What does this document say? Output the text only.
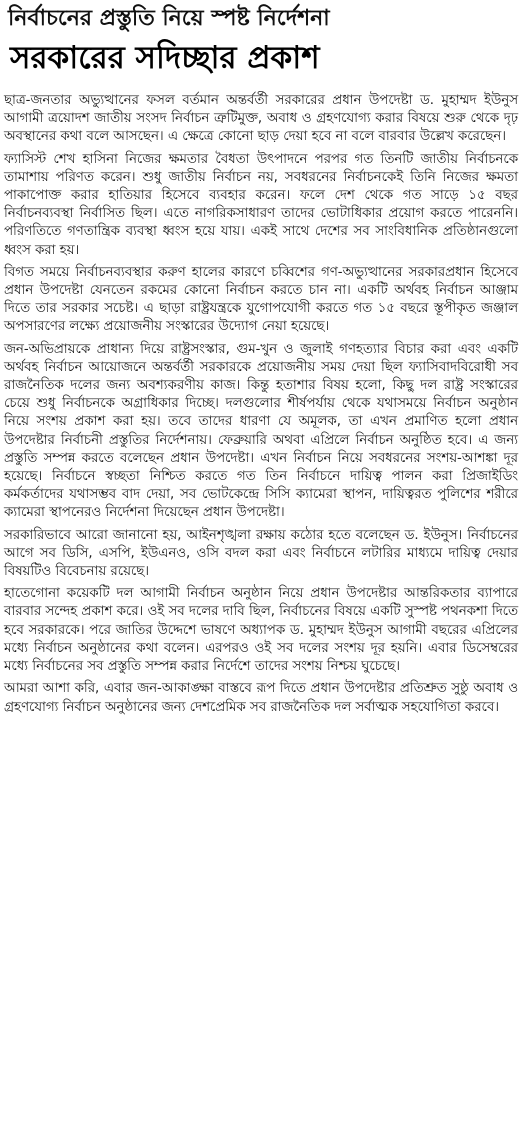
নির্বাচনের প্রস্তুতি নিয়ে স্পষ্ট নির্দেশনা
সরকারের সদিচ্ছার প্রকাশ

ছাত্র-জনতার অভ্যুত্থানের ফসল বর্তমান অন্তর্বর্তী সরকারের প্রধান উপদেষ্টা ড. মুহাম্মদ ইউনুস আগামী ত্রয়োদশ জাতীয় সংসদ নির্বাচন ত্রুটিমুক্ত, অবাধ ও গ্রহণযোগ্য করার বিষয়ে শুরু থেকে দৃঢ় অবস্থানের কথা বলে আসছেন। এ ক্ষেত্রে কোনো ছাড় দেয়া হবে না বলে বারবার উল্লেখ করেছেন।

ফ্যাসিস্ট শেখ হাসিনা নিজের ক্ষমতার বৈধতা উৎপাদনে পরপর গত তিনটি জাতীয় নির্বাচনকে তামাশায় পরিণত করেন। শুধু জাতীয় নির্বাচন নয়, সবধরনের নির্বাচনকেই তিনি নিজের ক্ষমতা পাকাপোক্ত করার হাতিয়ার হিসেবে ব্যবহার করেন। ফলে দেশ থেকে গত সাড়ে ১৫ বছর নির্বাচনব্যবস্থা নির্বাসিত ছিল। এতে নাগরিকসাধারণ তাদের ভোটাধিকার প্রয়োগ করতে পারেননি। পরিণতিতে গণতান্ত্রিক ব্যবস্থা ধ্বংস হয়ে যায়। একই সাথে দেশের সব সাংবিধানিক প্রতিষ্ঠানগুলো ধ্বংস করা হয়।

বিগত সময়ে নির্বাচনব্যবস্থার করুণ হালের কারণে চব্বিশের গণ-অভ্যুত্থানের সরকারপ্রধান হিসেবে প্রধান উপদেষ্টা যেনতেন রকমের কোনো নির্বাচন করতে চান না। একটি অর্থবহ নির্বাচন আঞ্জাম দিতে তার সরকার সচেষ্ট। এ ছাড়া রাষ্ট্রযন্ত্রকে যুগোপযোগী করতে গত ১৫ বছরে স্তূপীকৃত জঞ্জাল অপসারণের লক্ষ্যে প্রয়োজনীয় সংস্কারের উদ্যোগ নেয়া হয়েছে।

জন-অভিপ্রায়কে প্রাধান্য দিয়ে রাষ্ট্রসংস্কার, গুম-খুন ও জুলাই গণহত্যার বিচার করা এবং একটি অর্থবহ নির্বাচন আয়োজনে অন্তর্বর্তী সরকারকে প্রয়োজনীয় সময় দেয়া ছিল ফ্যাসিবাদবিরোধী সব রাজনৈতিক দলের জন্য অবশ্যকরণীয় কাজ। কিন্তু হতাশার বিষয় হলো, কিছু দল রাষ্ট্র সংস্কারের চেয়ে শুধু নির্বাচনকে অগ্রাধিকার দিচ্ছে। দলগুলোর শীর্ষপর্যায় থেকে যথাসময়ে নির্বাচন অনুষ্ঠান নিয়ে সংশয় প্রকাশ করা হয়। তবে তাদের ধারণা যে অমূলক, তা এখন প্রমাণিত হলো প্রধান উপদেষ্টার নির্বাচনী প্রস্তুতির নির্দেশনায়। ফেব্রুয়ারি অথবা এপ্রিলে নির্বাচন অনুষ্ঠিত হবে। এ জন্য প্রস্তুতি সম্পন্ন করতে বলেছেন প্রধান উপদেষ্টা। এখন নির্বাচন নিয়ে সবধরনের সংশয়-আশঙ্কা দূর হয়েছে। নির্বাচনে স্বচ্ছতা নিশ্চিত করতে গত তিন নির্বাচনে দায়িত্ব পালন করা প্রিজাইডিং কর্মকর্তাদের যথাসম্ভব বাদ দেয়া, সব ভোটকেন্দ্রে সিসি ক্যামেরা স্থাপন, দায়িত্বরত পুলিশের শরীরে ক্যামেরা স্থাপনেরও নির্দেশনা দিয়েছেন প্রধান উপদেষ্টা।

সরকারিভাবে আরো জানানো হয়, আইনশৃঙ্খলা রক্ষায় কঠোর হতে বলেছেন ড. ইউনুস। নির্বাচনের আগে সব ডিসি, এসপি, ইউএনও, ওসি বদল করা এবং নির্বাচনে লটারির মাধ্যমে দায়িত্ব দেয়ার বিষয়টিও বিবেচনায় রয়েছে।

হাতেগোনা কয়েকটি দল আগামী নির্বাচন অনুষ্ঠান নিয়ে প্রধান উপদেষ্টার আন্তরিকতার ব্যাপারে বারবার সন্দেহ প্রকাশ করে। ওই সব দলের দাবি ছিল, নির্বাচনের বিষয়ে একটি সুস্পষ্ট পথনকশা দিতে হবে সরকারকে। পরে জাতির উদ্দেশে ভাষণে অধ্যাপক ড. মুহাম্মদ ইউনুস আগামী বছরের এপ্রিলের মধ্যে নির্বাচন অনুষ্ঠানের কথা বলেন। এরপরও ওই সব দলের সংশয় দূর হয়নি। এবার ডিসেম্বরের মধ্যে নির্বাচনের সব প্রস্তুতি সম্পন্ন করার নির্দেশে তাদের সংশয় নিশ্চয় ঘুচেছে।

আমরা আশা করি, এবার জন-আকাঙ্ক্ষা বাস্তবে রূপ দিতে প্রধান উপদেষ্টার প্রতিশ্রুত সুষ্ঠু অবাধ ও গ্রহণযোগ্য নির্বাচন অনুষ্ঠানের জন্য দেশপ্রেমিক সব রাজনৈতিক দল সর্বাত্মক সহযোগিতা করবে।
